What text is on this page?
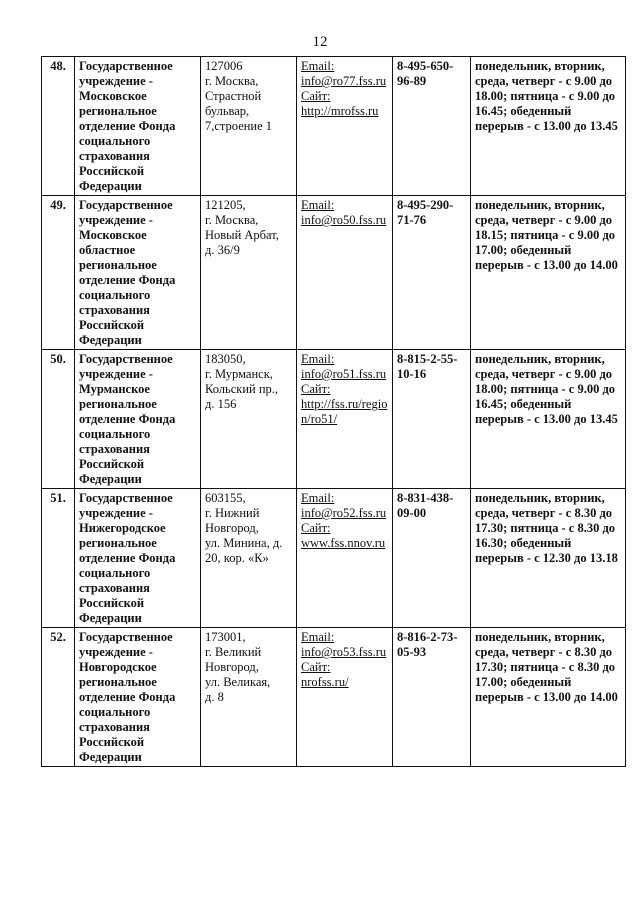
12
48.	Государственное учреждение - Московское региональное отделение Фонда социального страхования Российской Федерации	127006
г. Москва,
Страстной
бульвар,
7,строение 1	Email:
info@ro77.fss.ru
Сайт:
http://mrofss.ru	8-495-650-96-89	понедельник, вторник, среда, четверг - с 9.00 до 18.00; пятница - с 9.00 до 16.45; обеденный перерыв - с 13.00 до 13.45
49.	Государственное учреждение - Московское областное региональное отделение Фонда социального страхования Российской Федерации	121205,
г. Москва,
Новый Арбат,
д. 36/9	Email:
info@ro50.fss.ru	8-495-290-71-76	понедельник, вторник, среда, четверг - с 9.00 до 18.15; пятница - с 9.00 до 17.00; обеденный перерыв - с 13.00 до 14.00
50.	Государственное учреждение - Мурманское региональное отделение Фонда социального страхования Российской Федерации	183050,
г. Мурманск,
Кольский пр.,
д. 156	Email:
info@ro51.fss.ru
Сайт:
http://fss.ru/region/ro51/	8-815-2-55-10-16	понедельник, вторник, среда, четверг - с 9.00 до 18.00; пятница - с 9.00 до 16.45; обеденный перерыв - с 13.00 до 13.45
51.	Государственное учреждение - Нижегородское региональное отделение Фонда социального страхования Российской Федерации	603155,
г. Нижний
Новгород,
ул. Минина, д.
20, кор. «К»	Email:
info@ro52.fss.ru
Сайт:
www.fss.nnov.ru	8-831-438-09-00	понедельник, вторник, среда, четверг - с 8.30 до 17.30; пятница - с 8.30 до 16.30; обеденный перерыв - с 12.30 до 13.18
52.	Государственное учреждение - Новгородское региональное отделение Фонда социального страхования Российской Федерации	173001,
г. Великий
Новгород,
ул. Великая,
д. 8	Email:
info@ro53.fss.ru
Сайт:
nrofss.ru/	8-816-2-73-05-93	понедельник, вторник, среда, четверг - с 8.30 до 17.30; пятница - с 8.30 до 17.00; обеденный перерыв - с 13.00 до 14.00
